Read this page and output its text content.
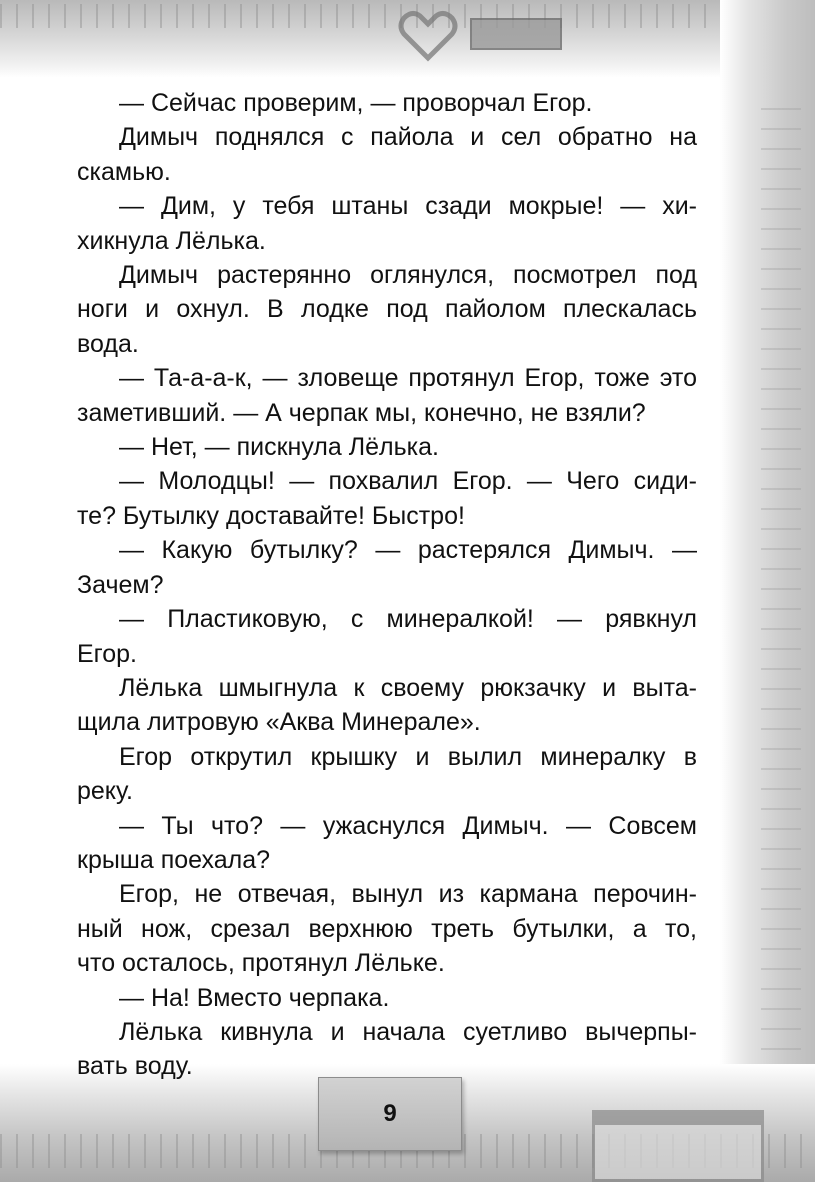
9

— Сейчас проверим, — проворчал Егор.

Димыч поднялся с пайола и сел обратно на
скамью.

— Дим, у тебя штаны сзади мокрые! — хи-
хикнула Лёлька.

Димыч растерянно оглянулся, посмотрел под
ноги и охнул. В лодке под пайолом плескалась
вода.

— Та-а-а-к, — зловеще протянул Егор, тоже это
заметивший. — А черпак мы, конечно, не взяли?

— Нет, — пискнула Лёлька.

— Молодцы! — похвалил Егор. — Чего сиди-
те? Бутылку доставайте! Быстро!

— Какую бутылку? — растерялся Димыч. —
Зачем?

— Пластиковую, с минералкой! — рявкнул
Егор.

Лёлька шмыгнула к своему рюкзачку и выта-
щила литровую «Аква Минерале».

Егор открутил крышку и вылил минералку в
реку.

— Ты что? — ужаснулся Димыч. — Совсем
крыша поехала?

Егор, не отвечая, вынул из кармана перочин-
ный нож, срезал верхнюю треть бутылки, а то,
что осталось, протянул Лёльке.

— На! Вместо черпака.

Лёлька кивнула и начала суетливо вычерпы-
вать воду.
